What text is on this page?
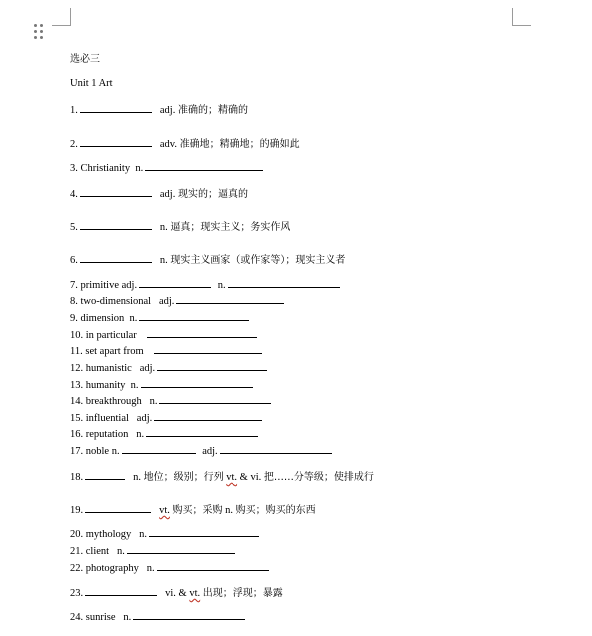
选必三
Unit 1 Art
1.	adj. 准确的；精确的
2.	adv. 准确地；精确地；的确如此
3. Christianity n.
4.	adj. 现实的；逼真的
5.	n. 逼真；现实主义；务实作风
6.	n. 现实主义画家（或作家等）；现实主义者
7. primitive adj.	n.
8. two-dimensional adj.
9. dimension n.
10. in particular
11. set apart from
12. humanistic adj.
13. humanity n.
14. breakthrough n.
15. influential adj.
16. reputation n.
17. noble n.	adj.
18.	n. 地位；级别；行列 vt. & vi. 把……分等级；使排成行
19.	vt. 购买；采购 n. 购买；购买的东西
20. mythology n.
21. client n.
22. photography n.
23.	vi. & vt. 出现；浮现；暴露
24. sunrise n.
